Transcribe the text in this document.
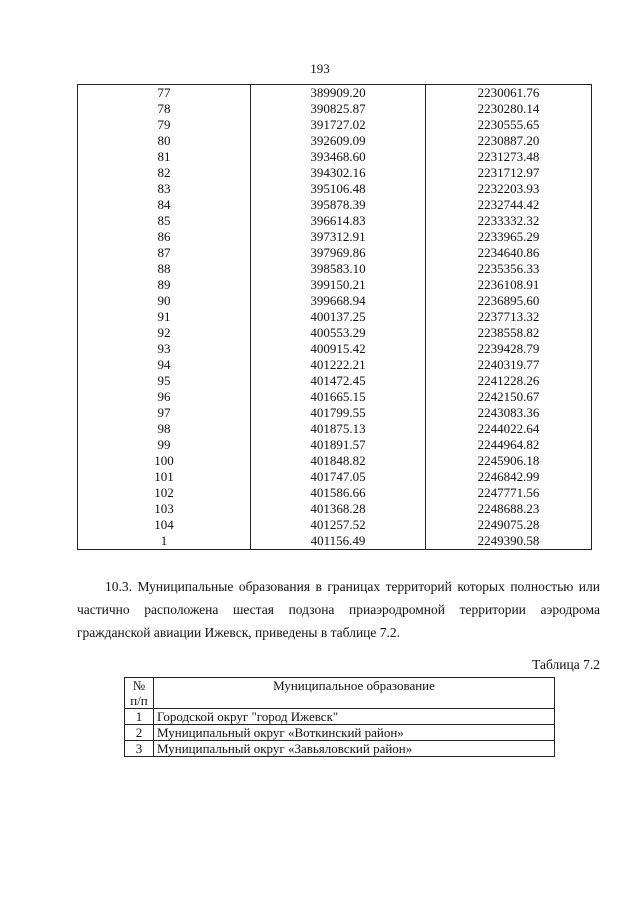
193
77	389909.20	2230061.76
78	390825.87	2230280.14
79	391727.02	2230555.65
80	392609.09	2230887.20
81	393468.60	2231273.48
82	394302.16	2231712.97
83	395106.48	2232203.93
84	395878.39	2232744.42
85	396614.83	2233332.32
86	397312.91	2233965.29
87	397969.86	2234640.86
88	398583.10	2235356.33
89	399150.21	2236108.91
90	399668.94	2236895.60
91	400137.25	2237713.32
92	400553.29	2238558.82
93	400915.42	2239428.79
94	401222.21	2240319.77
95	401472.45	2241228.26
96	401665.15	2242150.67
97	401799.55	2243083.36
98	401875.13	2244022.64
99	401891.57	2244964.82
100	401848.82	2245906.18
101	401747.05	2246842.99
102	401586.66	2247771.56
103	401368.28	2248688.23
104	401257.52	2249075.28
1	401156.49	2249390.58

10.3. Муниципальные образования в границах территорий которых полностью или частично расположена шестая подзона приаэродромной территории аэродрома гражданской авиации Ижевск, приведены в таблице 7.2.

Таблица 7.2
№
п/п	Муниципальное образование
1	Городской округ "город Ижевск"
2	Муниципальный округ «Воткинский район»
3	Муниципальный округ «Завьяловский район»
